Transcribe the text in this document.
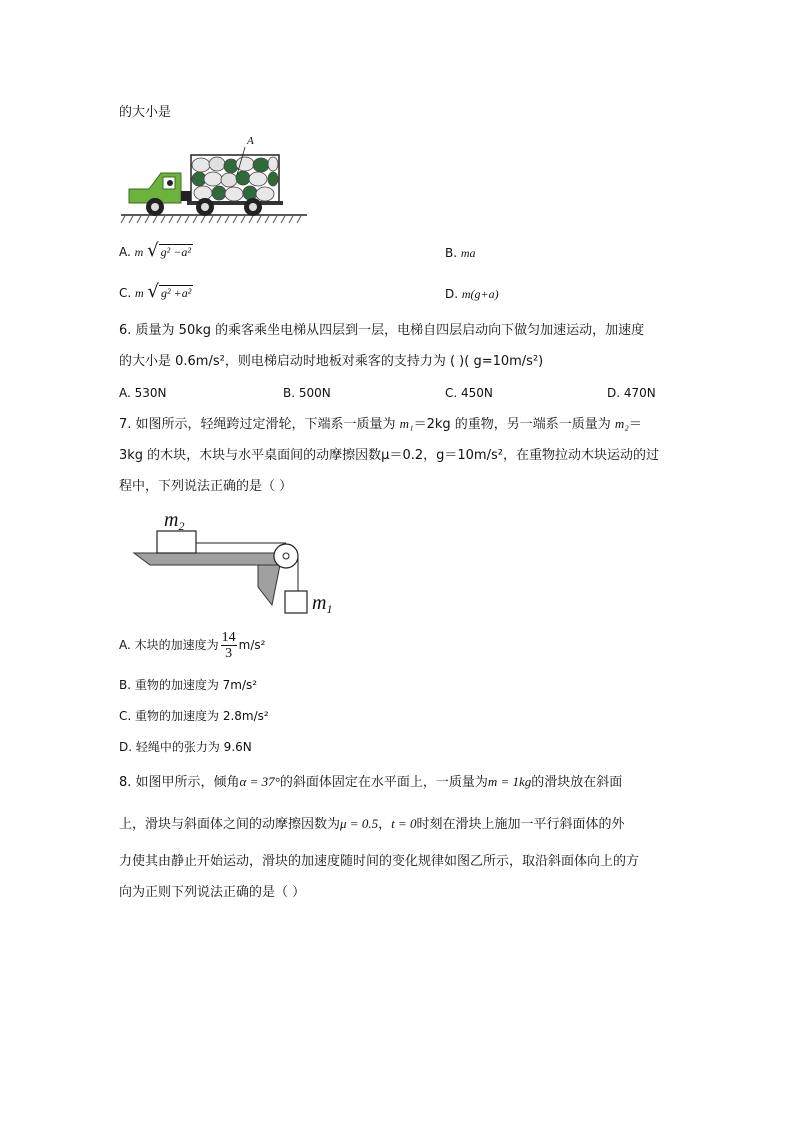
的大小是
A
A. m √ g² −a²	B. ma
C. m √ g² +a²	D. m(g+a)
6. 质量为 50kg 的乘客乘坐电梯从四层到一层，电梯自四层启动向下做匀加速运动，加速度
的大小是 0.6m/s²，则电梯启动时地板对乘客的支持力为 ( )( g=10m/s²)
A. 530N	B. 500N	C. 450N	D. 470N
7. 如图所示，轻绳跨过定滑轮，下端系一质量为 m₁＝2kg 的重物，另一端系一质量为 m₂＝
3kg 的木块，木块与水平桌面间的动摩擦因数μ＝0.2，g＝10m/s²，在重物拉动木块运动的过
程中，下列说法正确的是（ ）
$m_2$
$m_1$
A. 木块的加速度为 $\frac{14}{3} m/s^2$
B. 重物的加速度为 7m/s²
C. 重物的加速度为 2.8m/s²
D. 轻绳中的张力为 9.6N
8. 如图甲所示，倾角α = 37°的斜面体固定在水平面上，一质量为m = 1kg的滑块放在斜面
上，滑块与斜面体之间的动摩擦因数为μ = 0.5，t = 0时刻在滑块上施加一平行斜面体的外
力使其由静止开始运动，滑块的加速度随时间的变化规律如图乙所示，取沿斜面体向上的方
向为正则下列说法正确的是（ ）
